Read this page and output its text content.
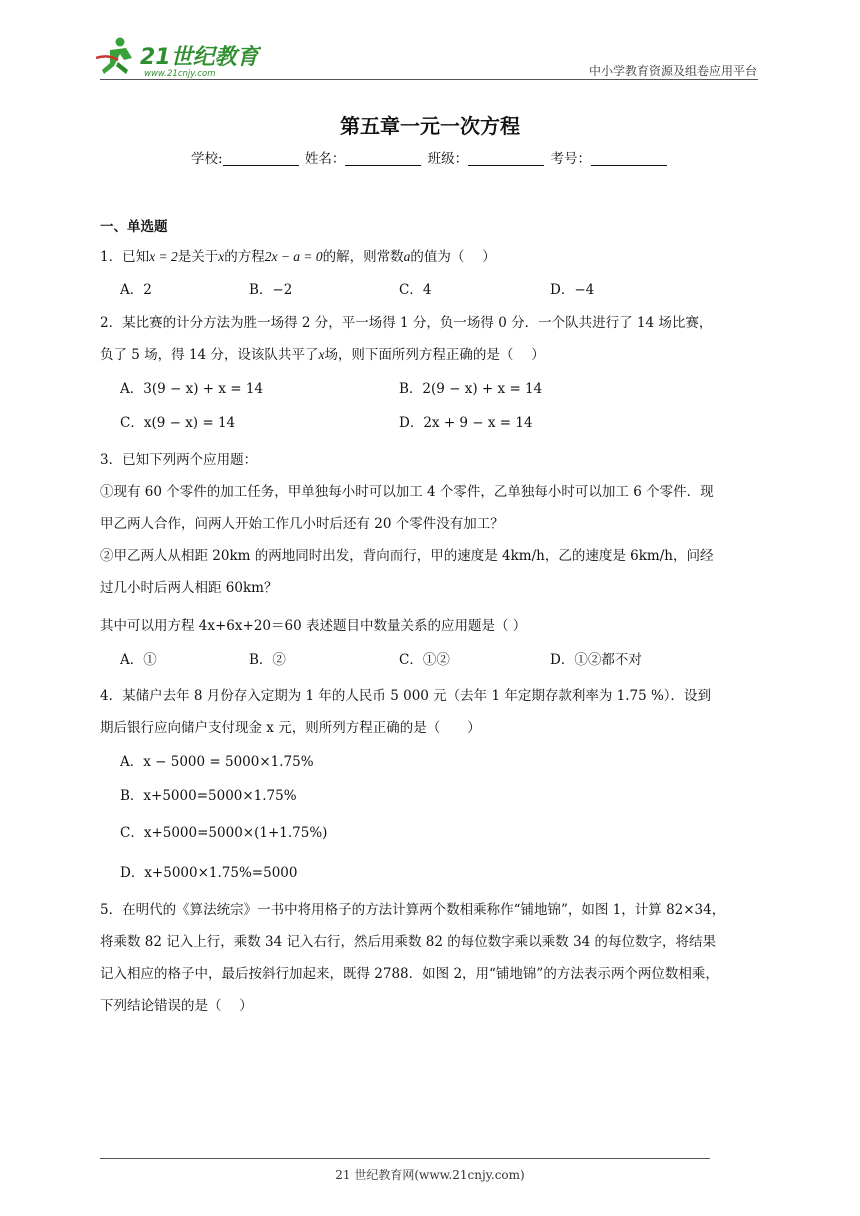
21世纪教育
www.21cnjy.com	中小学教育资源及组卷应用平台
第五章一元一次方程
学校:	姓名：	班级：	考号：
一、单选题
1．已知x = 2是关于x的方程2x − a = 0的解，则常数a的值为（　 ）
A．2	B．−2	C．4	D．−4
2．某比赛的计分方法为胜一场得 2 分，平一场得 1 分，负一场得 0 分．一个队共进行了 14 场比赛，
负了 5 场，得 14 分，设该队共平了x场，则下面所列方程正确的是（　 ）
A．3(9 − x) + x = 14	B．2(9 − x) + x = 14
C．x(9 − x) = 14	D．2x + 9 − x = 14
3．已知下列两个应用题：
①现有 60 个零件的加工任务，甲单独每小时可以加工 4 个零件，乙单独每小时可以加工 6 个零件．现
甲乙两人合作，问两人开始工作几小时后还有 20 个零件没有加工？
②甲乙两人从相距 20km 的两地同时出发，背向而行，甲的速度是 4km/h，乙的速度是 6km/h，问经
过几小时后两人相距 60km？
其中可以用方程 4x+6x+20＝60 表述题目中数量关系的应用题是（ ）
A．①	B．②	C．①②	D．①②都不对
4．某储户去年 8 月份存入定期为 1 年的人民币 5 000 元（去年 1 年定期存款利率为 1.75 %）．设到
期后银行应向储户支付现金 x 元，则所列方程正确的是（　　）
A．x − 5000 = 5000×1.75%
B．x+5000=5000×1.75%
C．x+5000=5000×(1+1.75%)
D．x+5000×1.75%=5000
5．在明代的《算法统宗》一书中将用格子的方法计算两个数相乘称作“铺地锦”，如图 1，计算 82×34，
将乘数 82 记入上行，乘数 34 记入右行，然后用乘数 82 的每位数字乘以乘数 34 的每位数字，将结果
记入相应的格子中，最后按斜行加起来，既得 2788．如图 2，用“铺地锦”的方法表示两个两位数相乘，
下列结论错误的是（　 ）
21 世纪教育网(www.21cnjy.com)
